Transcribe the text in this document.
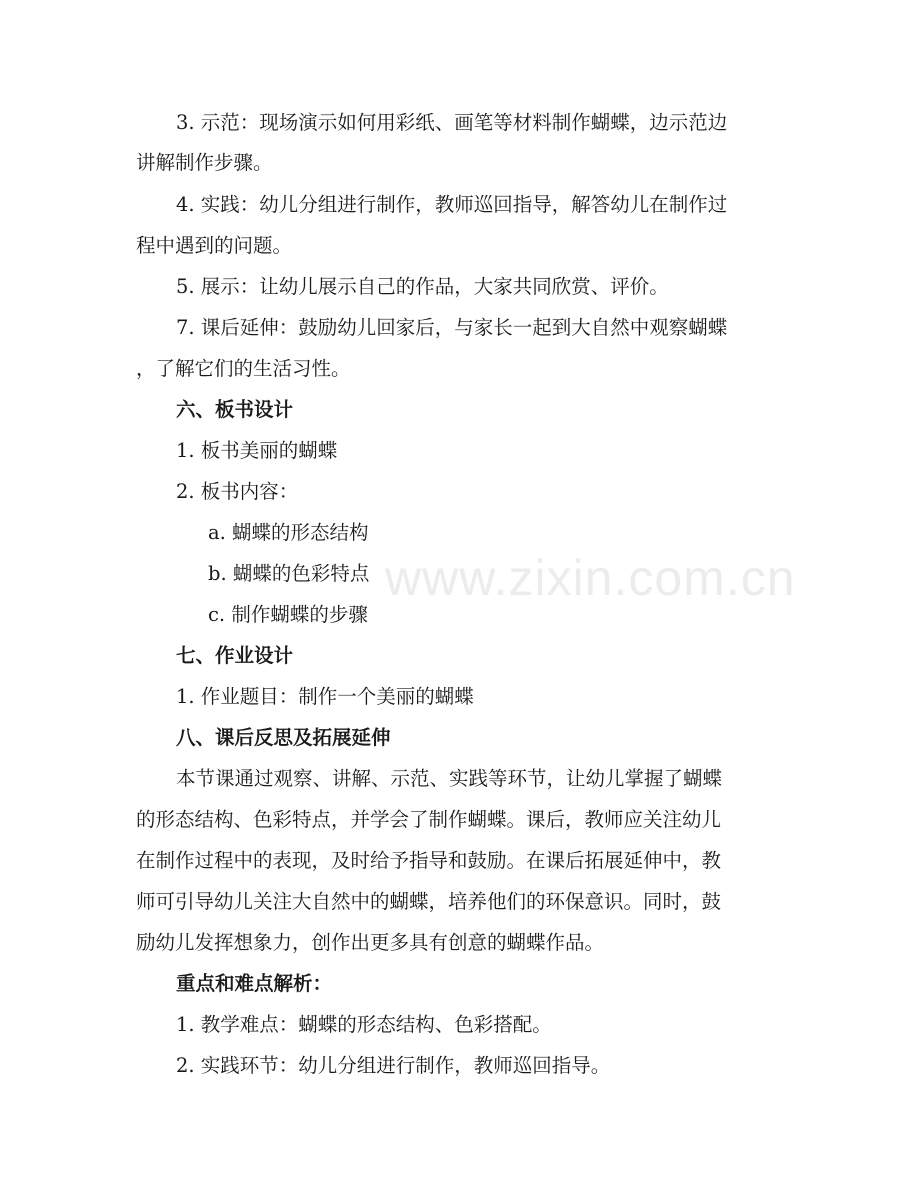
www.zixin.com.cn
3. 示范：现场演示如何用彩纸、画笔等材料制作蝴蝶，边示范边
讲解制作步骤。
4. 实践：幼儿分组进行制作，教师巡回指导，解答幼儿在制作过
程中遇到的问题。
5. 展示：让幼儿展示自己的作品，大家共同欣赏、评价。
7. 课后延伸：鼓励幼儿回家后，与家长一起到大自然中观察蝴蝶
，了解它们的生活习性。
六、板书设计
1. 板书美丽的蝴蝶
2. 板书内容：
a. 蝴蝶的形态结构
b. 蝴蝶的色彩特点
c. 制作蝴蝶的步骤
七、作业设计
1. 作业题目：制作一个美丽的蝴蝶
八、课后反思及拓展延伸
本节课通过观察、讲解、示范、实践等环节，让幼儿掌握了蝴蝶
的形态结构、色彩特点，并学会了制作蝴蝶。课后，教师应关注幼儿
在制作过程中的表现，及时给予指导和鼓励。在课后拓展延伸中，教
师可引导幼儿关注大自然中的蝴蝶，培养他们的环保意识。同时，鼓
励幼儿发挥想象力，创作出更多具有创意的蝴蝶作品。
重点和难点解析：
1. 教学难点：蝴蝶的形态结构、色彩搭配。
2. 实践环节：幼儿分组进行制作，教师巡回指导。
